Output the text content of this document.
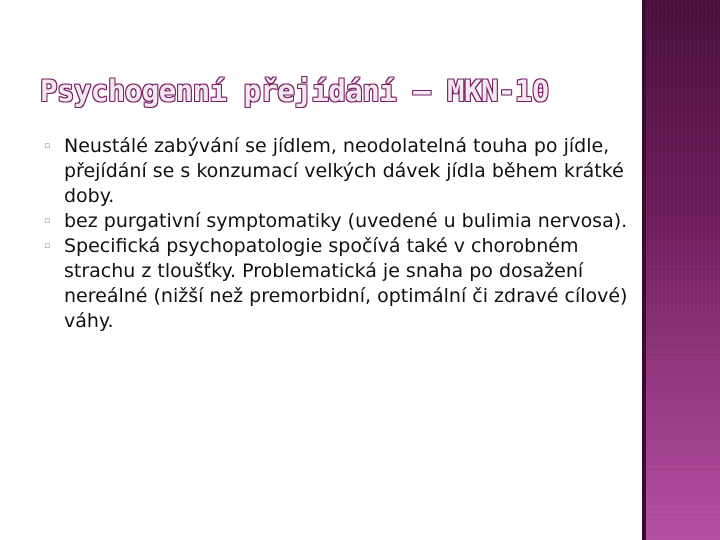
Psychogenní přejídání – MKN-10
▫ Neustálé zabývání se jídlem, neodolatelná touha po jídle, přejídání se s konzumací velkých dávek jídla během krátké doby.
▫ bez purgativní symptomatiky (uvedené u bulimia nervosa).
▫ Specifická psychopatologie spočívá také v chorobném strachu z tloušťky. Problematická je snaha po dosažení nereálné (nižší než premorbidní, optimální či zdravé cílové) váhy.
